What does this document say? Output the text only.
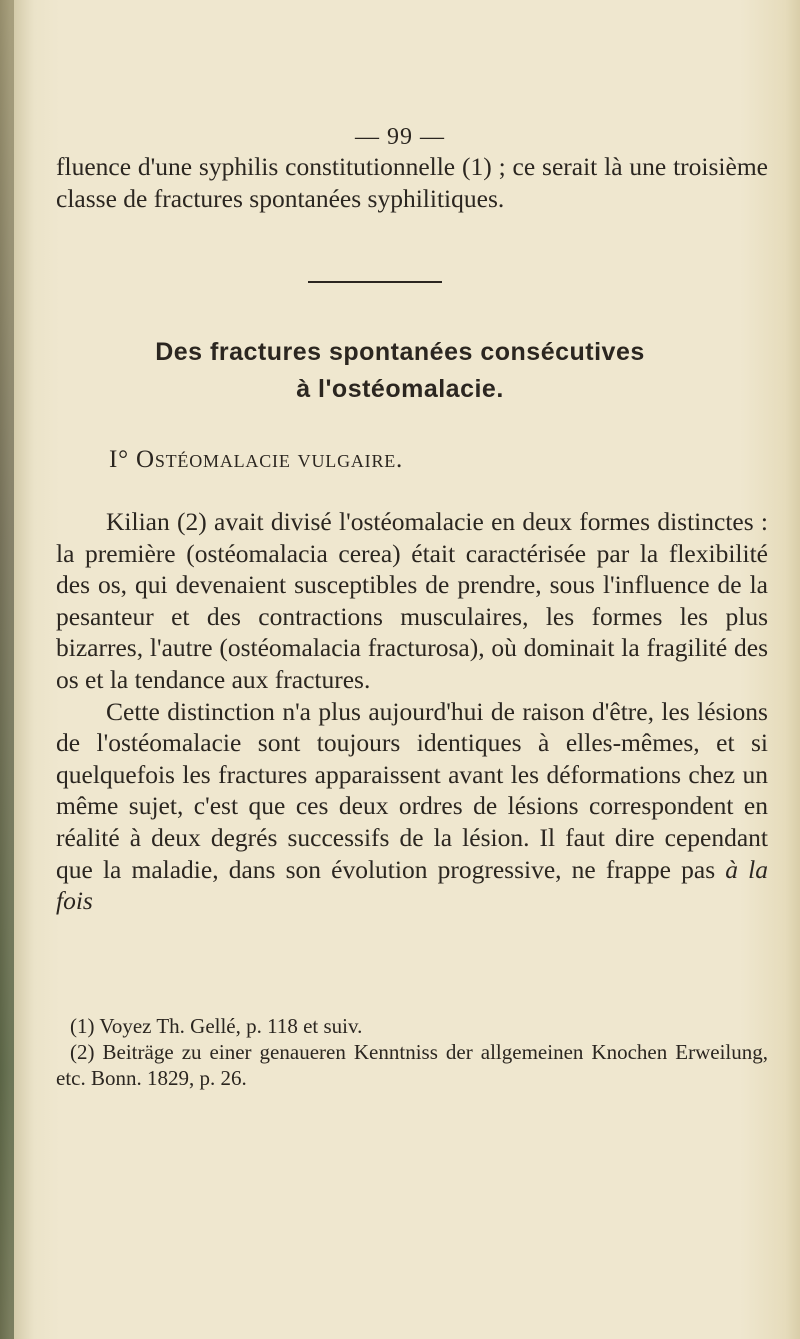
— 99 —

fluence d'une syphilis constitutionnelle (1) ; ce serait là une troisième classe de fractures spontanées syphilitiques.

Des fractures spontanées consécutives
à l'ostéomalacie.
I° Ostéomalacie vulgaire.

Kilian (2) avait divisé l'ostéomalacie en deux formes distinctes : la première (ostéomalacia cerea) était caractérisée par la flexibilité des os, qui devenaient susceptibles de prendre, sous l'influence de la pesanteur et des contractions musculaires, les formes les plus bizarres, l'autre (ostéomalacia fracturosa), où dominait la fragilité des os et la tendance aux fractures.

Cette distinction n'a plus aujourd'hui de raison d'être, les lésions de l'ostéomalacie sont toujours identiques à elles-mêmes, et si quelquefois les fractures apparaissent avant les déformations chez un même sujet, c'est que ces deux ordres de lésions correspondent en réalité à deux degrés successifs de la lésion. Il faut dire cependant que la maladie, dans son évolution progressive, ne frappe pas à la fois

(1) Voyez Th. Gellé, p. 118 et suiv.

(2) Beiträge zu einer genaueren Kenntniss der allgemeinen Knochen Erweilung, etc. Bonn. 1829, p. 26.
